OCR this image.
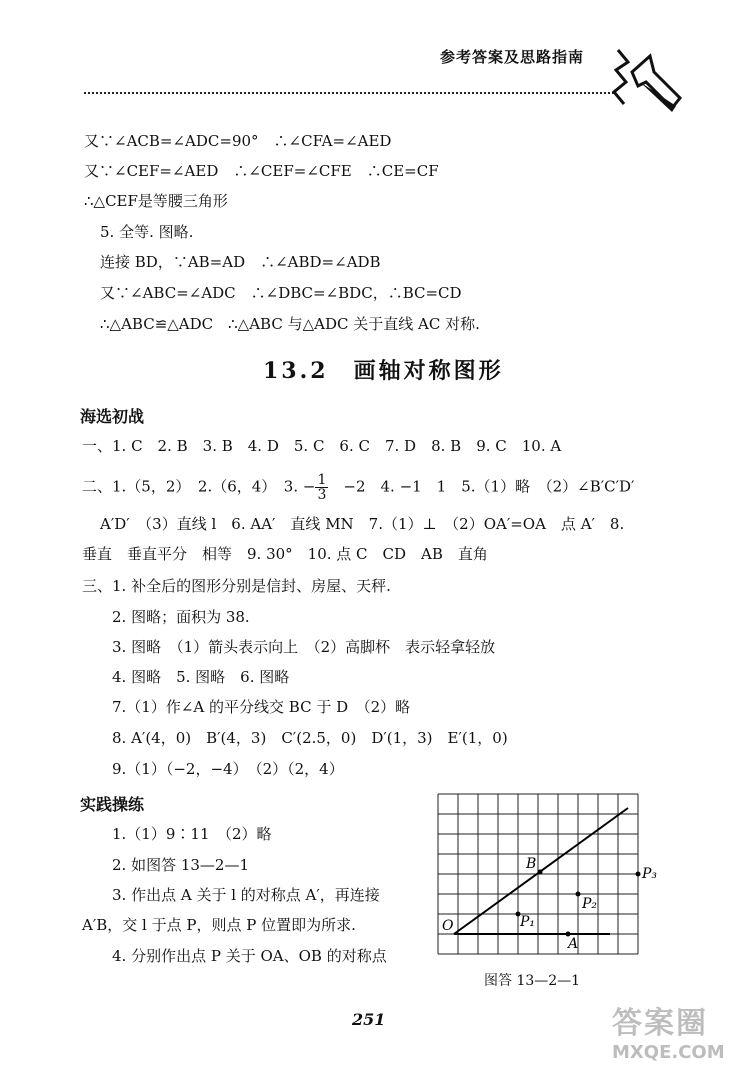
参考答案及思路指南
又∵∠ACB=∠ADC=90°　∴∠CFA=∠AED
又∵∠CEF=∠AED　∴∠CEF=∠CFE　∴CE=CF
∴△CEF是等腰三角形
5. 全等. 图略.
连接 BD，∵AB=AD　∴∠ABD=∠ADB
又∵∠ABC=∠ADC　∴∠DBC=∠BDC，∴BC=CD
∴△ABC≌△ADC　∴△ABC 与△ADC 关于直线 AC 对称.
13.2　画轴对称图形
海选初战
一、1. C　2. B　3. B　4. D　5. C　6. C　7. D　8. B　9. C　10. A
二、1.（5，2）　2.（6，4）　3. − $\frac{1}{3}$ 　−2　4. −1　1　5.（1）略　（2）∠B′C′D′
A′D′　（3）直线 l　6. AA′　直线 MN　7.（1）⊥　（2）OA′=OA　点 A′　8.
垂直　垂直平分　相等　9. 30°　10. 点 C　CD　AB　直角
三、1. 补全后的图形分别是信封、房屋、天秤.
2. 图略；面积为 38.
3. 图略　（1）箭头表示向上　（2）高脚杯　表示轻拿轻放
4. 图略　5. 图略　6. 图略
7.（1）作∠A 的平分线交 BC 于 D　（2）略
8. A′(4，0)　B′(4，3)　C′(2.5，0)　D′(1，3)　E′(1，0)
9.（1）（−2，−4）　（2）（2，4）
实践操练
1.（1）9∶11　（2）略
2. 如图答 13—2—1
3. 作出点 A 关于 l 的对称点 A′，再连接
A′B，交 l 于点 P，则点 P 位置即为所求.
4. 分别作出点 P 关于 OA、OB 的对称点
O
B
P₁
P₂
P₃
A
图答 13—2—1
251	答案圈
MXQE.COM
